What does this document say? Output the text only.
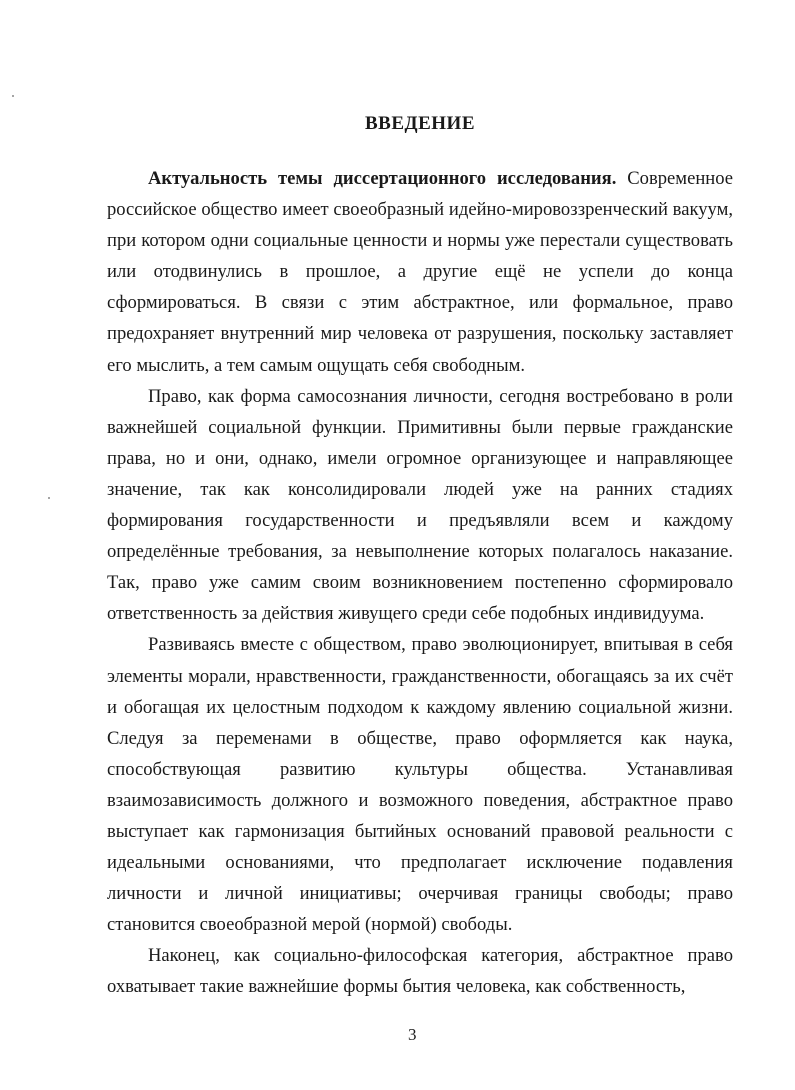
ВВЕДЕНИЕ

Актуальность темы диссертационного исследования. Современное российское общество имеет своеобразный идейно-мировоззренческий вакуум, при котором одни социальные ценности и нормы уже перестали существовать или отодвинулись в прошлое, а другие ещё не успели до конца сформироваться. В связи с этим абстрактное, или формальное, право предохраняет внутренний мир человека от разрушения, поскольку заставляет его мыслить, а тем самым ощущать себя свободным.

Право, как форма самосознания личности, сегодня востребовано в роли важнейшей социальной функции. Примитивны были первые гражданские права, но и они, однако, имели огромное организующее и направляющее значение, так как консолидировали людей уже на ранних стадиях формирования государственности и предъявляли всем и каждому определённые требования, за невыполнение которых полагалось наказание. Так, право уже самим своим возникновением постепенно сформировало ответственность за действия живущего среди себе подобных индивидуума.

Развиваясь вместе с обществом, право эволюционирует, впитывая в себя элементы морали, нравственности, гражданственности, обогащаясь за их счёт и обогащая их целостным подходом к каждому явлению социальной жизни. Следуя за переменами в обществе, право оформляется как наука, способствующая развитию культуры общества. Устанавливая взаимозависимость должного и возможного поведения, абстрактное право выступает как гармонизация бытийных оснований правовой реальности с идеальными основаниями, что предполагает исключение подавления личности и личной инициативы; очерчивая границы свободы; право становится своеобразной мерой (нормой) свободы.

Наконец, как социально-философская категория, абстрактное право охватывает такие важнейшие формы бытия человека, как собственность,

3
